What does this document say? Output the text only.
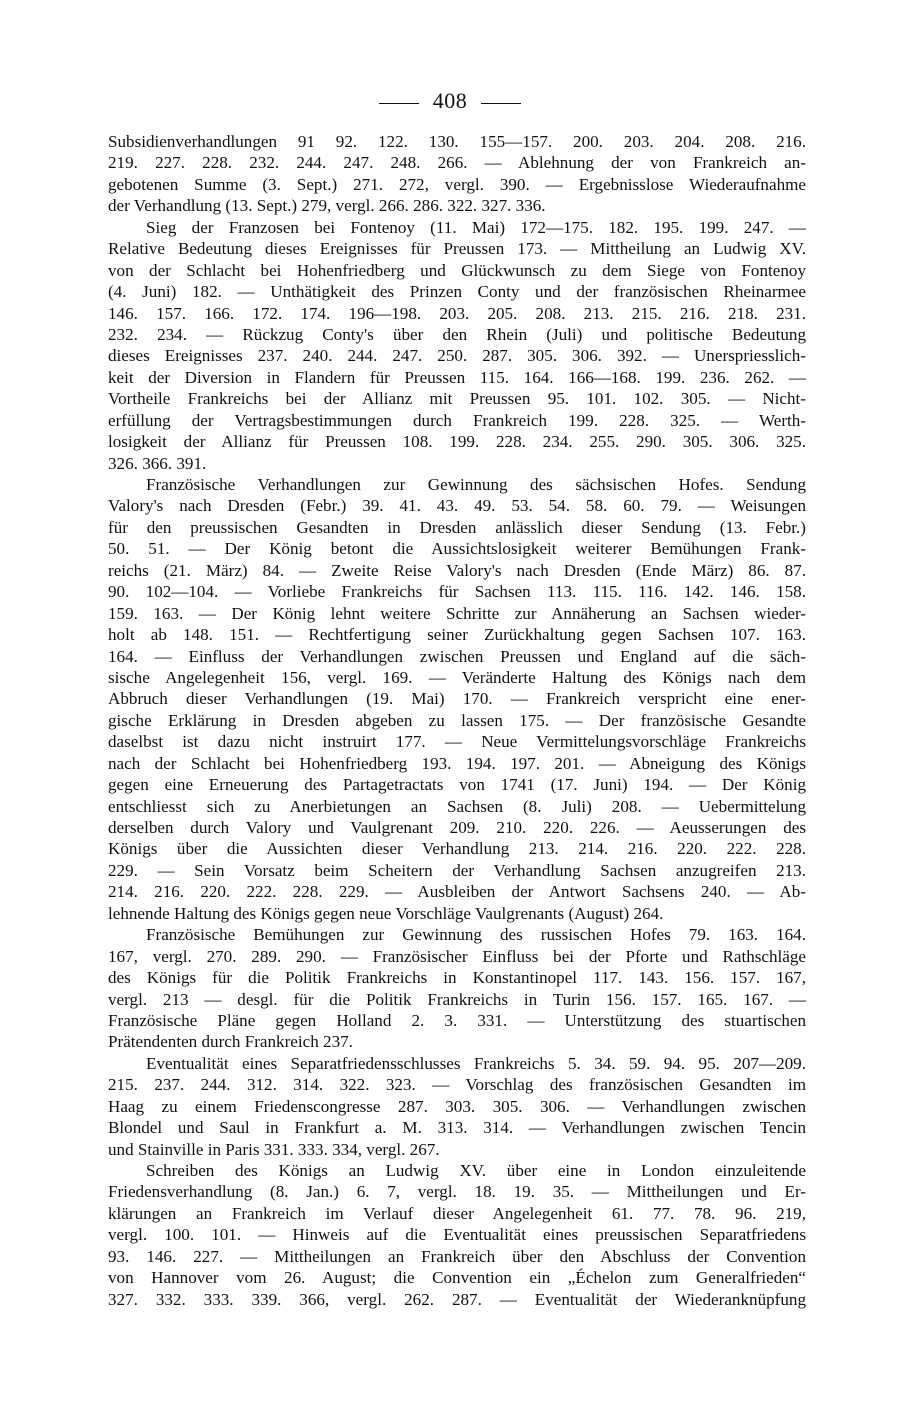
408
Subsidienverhandlungen 91 92. 122. 130. 155—157. 200. 203. 204. 208. 216.
219. 227. 228. 232. 244. 247. 248. 266. — Ablehnung der von Frankreich an-
gebotenen Summe (3. Sept.) 271. 272, vergl. 390. — Ergebnisslose Wiederaufnahme
der Verhandlung (13. Sept.) 279, vergl. 266. 286. 322. 327. 336.
Sieg der Franzosen bei Fontenoy (11. Mai) 172—175. 182. 195. 199. 247. —
Relative Bedeutung dieses Ereignisses für Preussen 173. — Mittheilung an Ludwig XV.
von der Schlacht bei Hohenfriedberg und Glückwunsch zu dem Siege von Fontenoy
(4. Juni) 182. — Unthätigkeit des Prinzen Conty und der französischen Rheinarmee
146. 157. 166. 172. 174. 196—198. 203. 205. 208. 213. 215. 216. 218. 231.
232. 234. — Rückzug Conty's über den Rhein (Juli) und politische Bedeutung
dieses Ereignisses 237. 240. 244. 247. 250. 287. 305. 306. 392. — Unerspriesslich-
keit der Diversion in Flandern für Preussen 115. 164. 166—168. 199. 236. 262. —
Vortheile Frankreichs bei der Allianz mit Preussen 95. 101. 102. 305. — Nicht-
erfüllung der Vertragsbestimmungen durch Frankreich 199. 228. 325. — Werth-
losigkeit der Allianz für Preussen 108. 199. 228. 234. 255. 290. 305. 306. 325.
326. 366. 391.
Französische Verhandlungen zur Gewinnung des sächsischen Hofes. Sendung
Valory's nach Dresden (Febr.) 39. 41. 43. 49. 53. 54. 58. 60. 79. — Weisungen
für den preussischen Gesandten in Dresden anlässlich dieser Sendung (13. Febr.)
50. 51. — Der König betont die Aussichtslosigkeit weiterer Bemühungen Frank-
reichs (21. März) 84. — Zweite Reise Valory's nach Dresden (Ende März) 86. 87.
90. 102—104. — Vorliebe Frankreichs für Sachsen 113. 115. 116. 142. 146. 158.
159. 163. — Der König lehnt weitere Schritte zur Annäherung an Sachsen wieder-
holt ab 148. 151. — Rechtfertigung seiner Zurückhaltung gegen Sachsen 107. 163.
164. — Einfluss der Verhandlungen zwischen Preussen und England auf die säch-
sische Angelegenheit 156, vergl. 169. — Veränderte Haltung des Königs nach dem
Abbruch dieser Verhandlungen (19. Mai) 170. — Frankreich verspricht eine ener-
gische Erklärung in Dresden abgeben zu lassen 175. — Der französische Gesandte
daselbst ist dazu nicht instruirt 177. — Neue Vermittelungsvorschläge Frankreichs
nach der Schlacht bei Hohenfriedberg 193. 194. 197. 201. — Abneigung des Königs
gegen eine Erneuerung des Partagetractats von 1741 (17. Juni) 194. — Der König
entschliesst sich zu Anerbietungen an Sachsen (8. Juli) 208. — Uebermittelung
derselben durch Valory und Vaulgrenant 209. 210. 220. 226. — Aeusserungen des
Königs über die Aussichten dieser Verhandlung 213. 214. 216. 220. 222. 228.
229. — Sein Vorsatz beim Scheitern der Verhandlung Sachsen anzugreifen 213.
214. 216. 220. 222. 228. 229. — Ausbleiben der Antwort Sachsens 240. — Ab-
lehnende Haltung des Königs gegen neue Vorschläge Vaulgrenants (August) 264.
Französische Bemühungen zur Gewinnung des russischen Hofes 79. 163. 164.
167, vergl. 270. 289. 290. — Französischer Einfluss bei der Pforte und Rathschläge
des Königs für die Politik Frankreichs in Konstantinopel 117. 143. 156. 157. 167,
vergl. 213 — desgl. für die Politik Frankreichs in Turin 156. 157. 165. 167. —
Französische Pläne gegen Holland 2. 3. 331. — Unterstützung des stuartischen
Prätendenten durch Frankreich 237.
Eventualität eines Separatfriedensschlusses Frankreichs 5. 34. 59. 94. 95. 207—209.
215. 237. 244. 312. 314. 322. 323. — Vorschlag des französischen Gesandten im
Haag zu einem Friedenscongresse 287. 303. 305. 306. — Verhandlungen zwischen
Blondel und Saul in Frankfurt a. M. 313. 314. — Verhandlungen zwischen Tencin
und Stainville in Paris 331. 333. 334, vergl. 267.
Schreiben des Königs an Ludwig XV. über eine in London einzuleitende
Friedensverhandlung (8. Jan.) 6. 7, vergl. 18. 19. 35. — Mittheilungen und Er-
klärungen an Frankreich im Verlauf dieser Angelegenheit 61. 77. 78. 96. 219,
vergl. 100. 101. — Hinweis auf die Eventualität eines preussischen Separatfriedens
93. 146. 227. — Mittheilungen an Frankreich über den Abschluss der Convention
von Hannover vom 26. August; die Convention ein „Échelon zum Generalfrieden“
327. 332. 333. 339. 366, vergl. 262. 287. — Eventualität der Wiederanknüpfung
